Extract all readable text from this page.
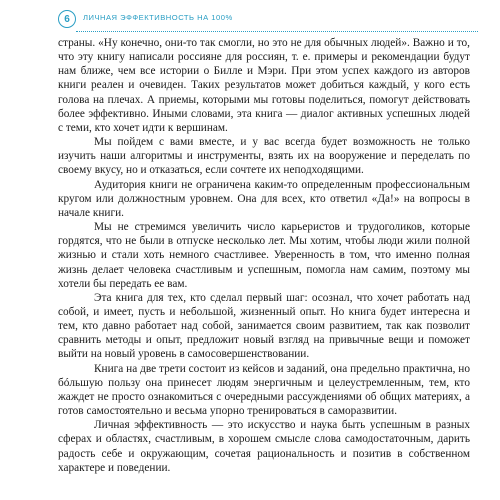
6	ЛИЧНАЯ ЭФФЕКТИВНОСТЬ НА 100%

страны. «Ну конечно, они-то так смогли, но это не для обычных людей». Важно и то, что эту книгу написали россияне для россиян, т. е. примеры и рекомендации будут нам ближе, чем все истории о Билле и Мэри. При этом успех каждого из авторов книги реален и очевиден. Таких результатов может добиться каждый, у кого есть голова на плечах. А приемы, которыми мы готовы поделиться, помогут действовать более эффективно. Иными словами, эта книга — диалог активных успешных людей с теми, кто хочет идти к вершинам.

Мы пойдем с вами вместе, и у вас всегда будет возможность не только изучить наши алгоритмы и инструменты, взять их на вооружение и переделать по своему вкусу, но и отказаться, если сочтете их неподходящими.

Аудитория книги не ограничена каким-то определенным профессиональным кругом или должностным уровнем. Она для всех, кто ответил «Да!» на вопросы в начале книги.

Мы не стремимся увеличить число карьеристов и трудоголиков, которые гордятся, что не были в отпуске несколько лет. Мы хотим, чтобы люди жили полной жизнью и стали хоть немного счастливее. Уверенность в том, что именно полная жизнь делает человека счастливым и успешным, помогла нам самим, поэтому мы хотели бы передать ее вам.

Эта книга для тех, кто сделал первый шаг: осознал, что хочет работать над собой, и имеет, пусть и небольшой, жизненный опыт. Но книга будет интересна и тем, кто давно работает над собой, занимается своим развитием, так как позволит сравнить методы и опыт, предложит новый взгляд на привычные вещи и поможет выйти на новый уровень в самосовершенствовании.

Книга на две трети состоит из кейсов и заданий, она предельно практична, но бóльшую пользу она принесет людям энергичным и целеустремленным, тем, кто жаждет не просто ознакомиться с очередными рассуждениями об общих материях, а готов самостоятельно и весьма упорно тренироваться в саморазвитии.

Личная эффективность — это искусство и наука быть успешным в разных сферах и областях, счастливым, в хорошем смысле слова самодостаточным, дарить радость себе и окружающим, сочетая рациональность и позитив в собственном характере и поведении.
